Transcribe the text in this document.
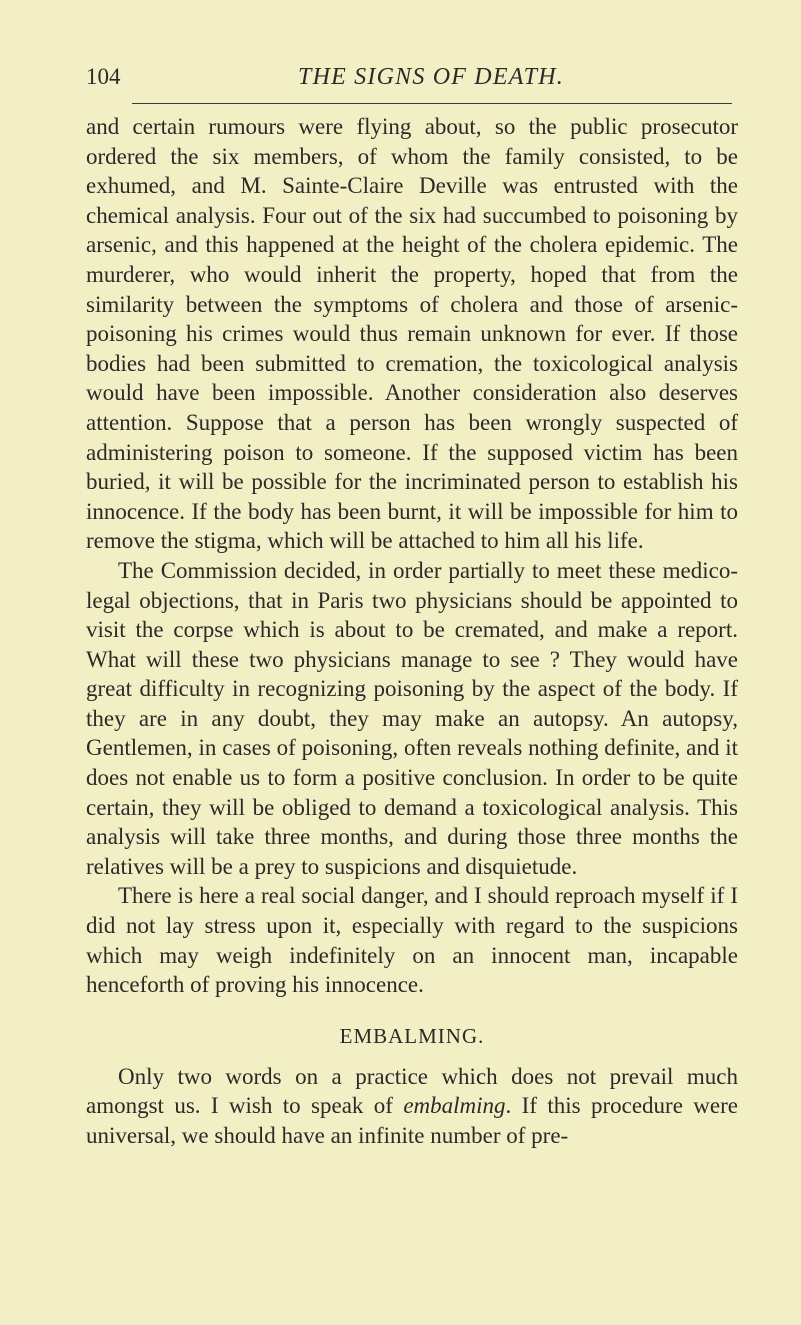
104	THE SIGNS OF DEATH.

and certain rumours were flying about, so the public prosecutor ordered the six members, of whom the family consisted, to be exhumed, and M. Sainte-Claire Deville was entrusted with the chemical analysis. Four out of the six had succumbed to poisoning by arsenic, and this happened at the height of the cholera epidemic. The murderer, who would inherit the property, hoped that from the similarity between the symptoms of cholera and those of arsenic-poisoning his crimes would thus remain unknown for ever. If those bodies had been submitted to cremation, the toxicological analysis would have been impossible. Another consideration also deserves attention. Suppose that a person has been wrongly suspected of administering poison to someone. If the supposed victim has been buried, it will be possible for the incriminated person to establish his innocence. If the body has been burnt, it will be impossible for him to remove the stigma, which will be attached to him all his life.

The Commission decided, in order partially to meet these medico-legal objections, that in Paris two physicians should be appointed to visit the corpse which is about to be cremated, and make a report. What will these two physicians manage to see ? They would have great difficulty in recognizing poisoning by the aspect of the body. If they are in any doubt, they may make an autopsy. An autopsy, Gentlemen, in cases of poisoning, often reveals nothing definite, and it does not enable us to form a positive conclusion. In order to be quite certain, they will be obliged to demand a toxicological analysis. This analysis will take three months, and during those three months the relatives will be a prey to suspicions and disquietude.

There is here a real social danger, and I should reproach myself if I did not lay stress upon it, especially with regard to the suspicions which may weigh indefinitely on an innocent man, incapable henceforth of proving his innocence.

EMBALMING.

Only two words on a practice which does not prevail much amongst us. I wish to speak of embalming. If this procedure were universal, we should have an infinite number of pre-
